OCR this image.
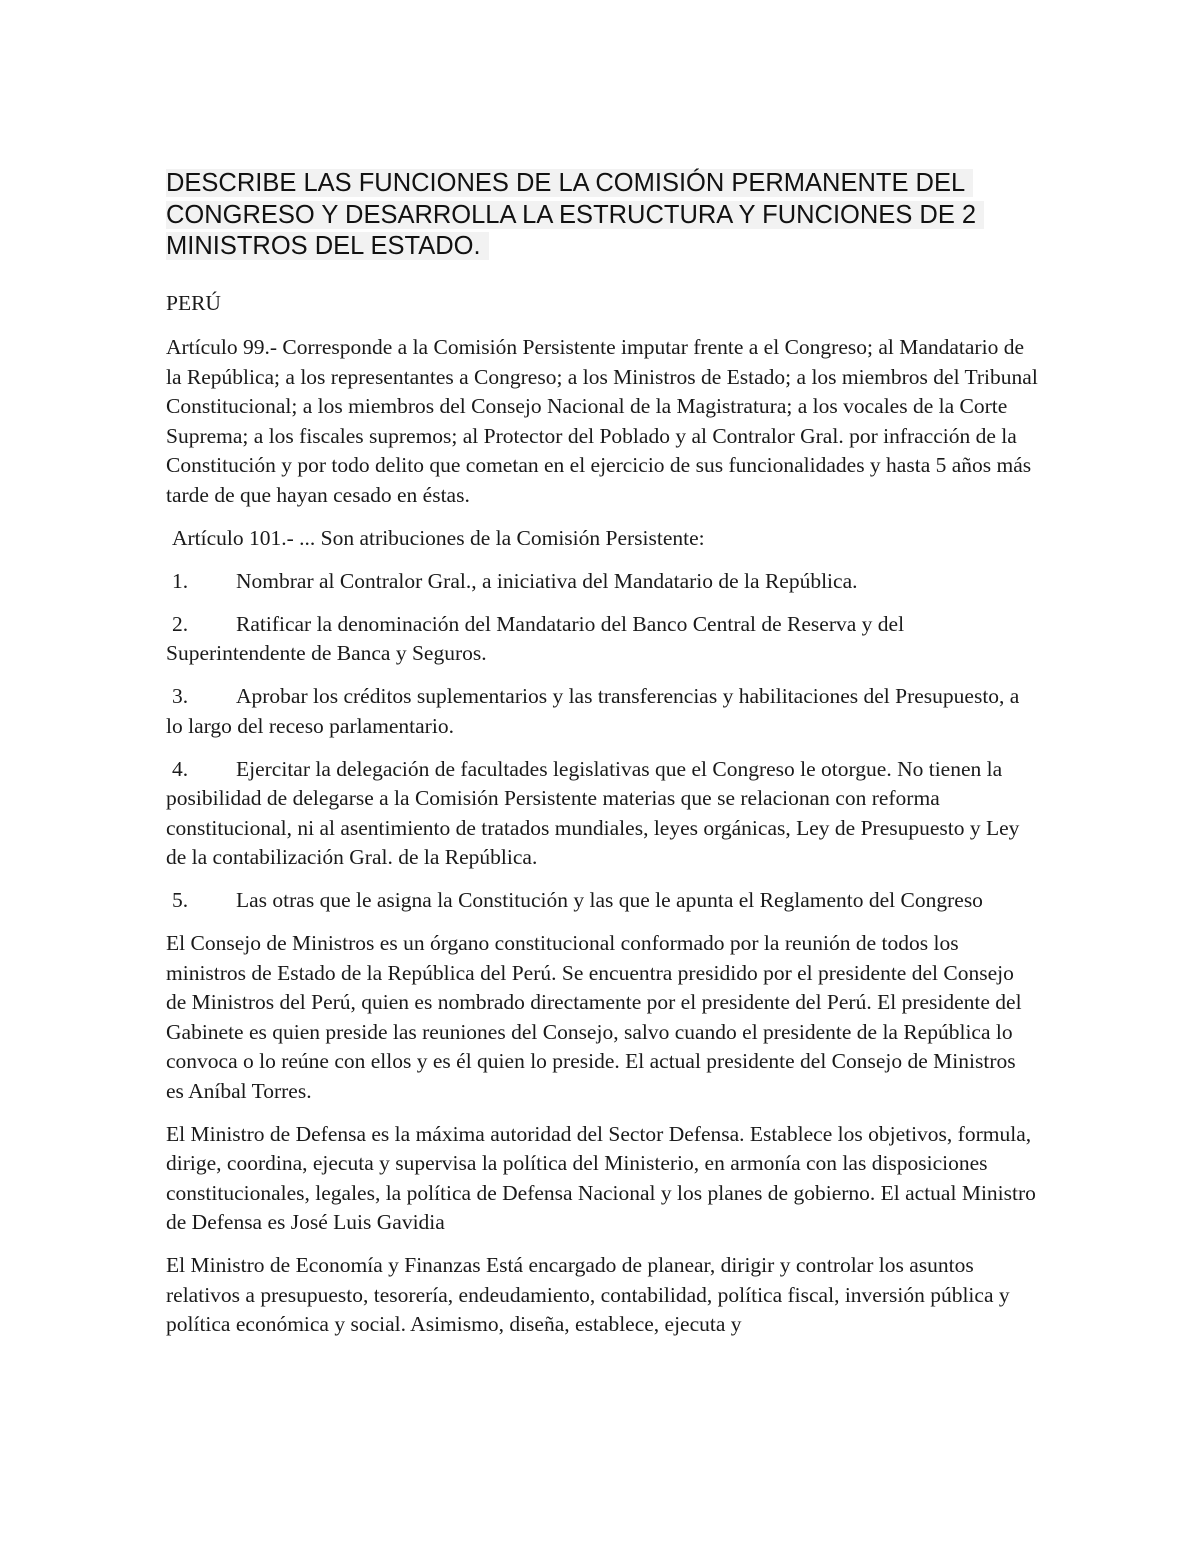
DESCRIBE LAS FUNCIONES DE LA COMISIÓN PERMANENTE DEL CONGRESO Y DESARROLLA LA ESTRUCTURA Y FUNCIONES DE 2 MINISTROS DEL ESTADO.

PERÚ

Artículo 99.- Corresponde a la Comisión Persistente imputar frente a el Congreso; al Mandatario de la República; a los representantes a Congreso; a los Ministros de Estado; a los miembros del Tribunal Constitucional; a los miembros del Consejo Nacional de la Magistratura; a los vocales de la Corte Suprema; a los fiscales supremos; al Protector del Poblado y al Contralor Gral. por infracción de la Constitución y por todo delito que cometan en el ejercicio de sus funcionalidades y hasta 5 años más tarde de que hayan cesado en éstas.

Artículo 101.- ... Son atribuciones de la Comisión Persistente:

1. Nombrar al Contralor Gral., a iniciativa del Mandatario de la República.

2. Ratificar la denominación del Mandatario del Banco Central de Reserva y del Superintendente de Banca y Seguros.

3. Aprobar los créditos suplementarios y las transferencias y habilitaciones del Presupuesto, a lo largo del receso parlamentario.

4. Ejercitar la delegación de facultades legislativas que el Congreso le otorgue. No tienen la posibilidad de delegarse a la Comisión Persistente materias que se relacionan con reforma constitucional, ni al asentimiento de tratados mundiales, leyes orgánicas, Ley de Presupuesto y Ley de la contabilización Gral. de la República.

5. Las otras que le asigna la Constitución y las que le apunta el Reglamento del Congreso

El Consejo de Ministros es un órgano constitucional conformado por la reunión de todos los ministros de Estado de la República del Perú. Se encuentra presidido por el presidente del Consejo de Ministros del Perú, quien es nombrado directamente por el presidente del Perú. El presidente del Gabinete es quien preside las reuniones del Consejo, salvo cuando el presidente de la República lo convoca o lo reúne con ellos y es él quien lo preside. El actual presidente del Consejo de Ministros es Aníbal Torres.

El Ministro de Defensa es la máxima autoridad del Sector Defensa. Establece los objetivos, formula, dirige, coordina, ejecuta y supervisa la política del Ministerio, en armonía con las disposiciones constitucionales, legales, la política de Defensa Nacional y los planes de gobierno. El actual Ministro de Defensa es José Luis Gavidia

El Ministro de Economía y Finanzas Está encargado de planear, dirigir y controlar los asuntos relativos a presupuesto, tesorería, endeudamiento, contabilidad, política fiscal, inversión pública y política económica y social. Asimismo, diseña, establece, ejecuta y
